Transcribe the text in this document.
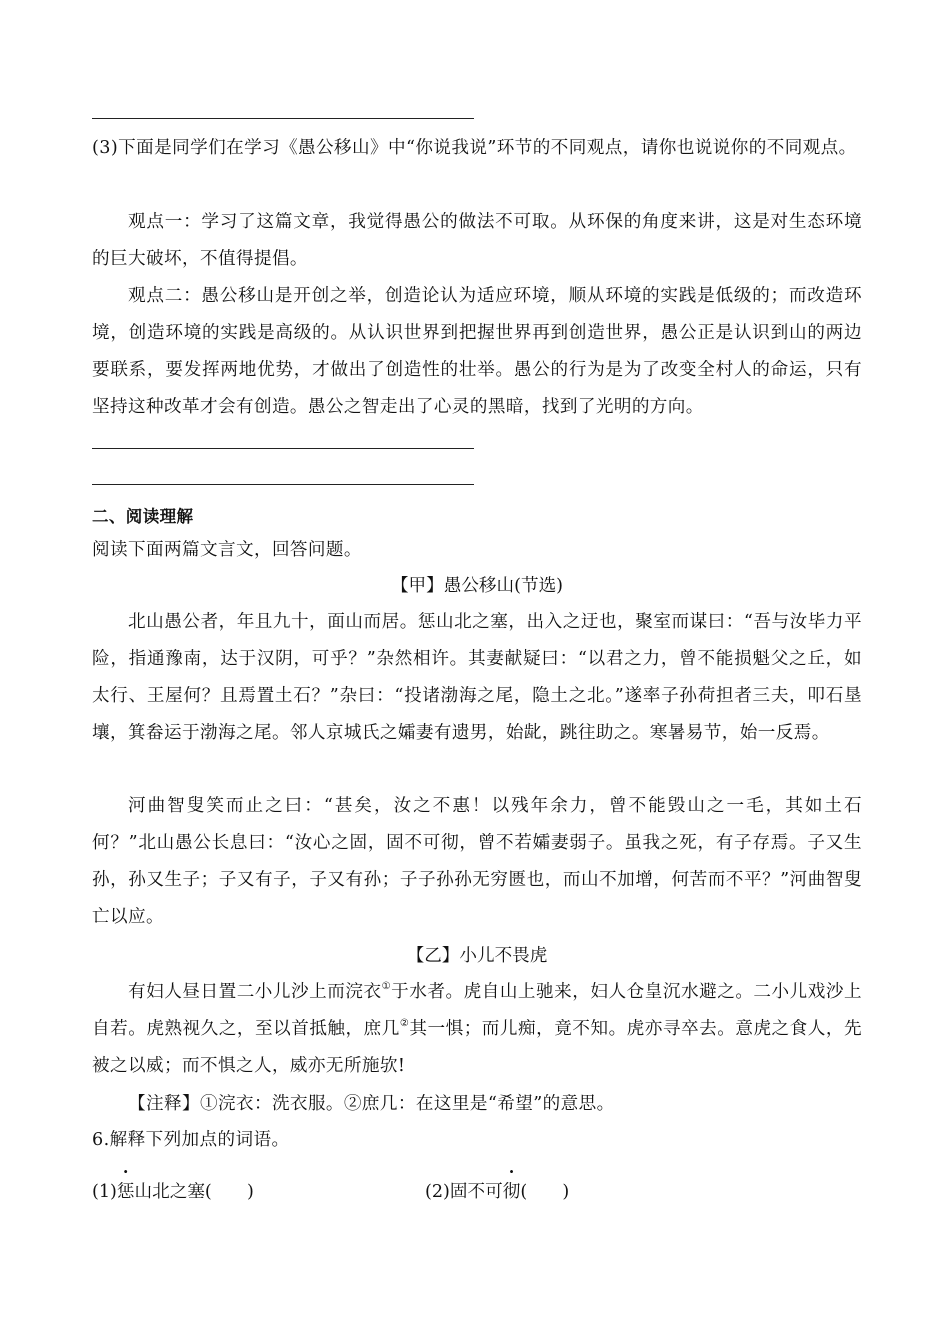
(3)下面是同学们在学习《愚公移山》中“你说我说”环节的不同观点，请你也说说你的不同观点。

观点一：学习了这篇文章，我觉得愚公的做法不可取。从环保的角度来讲，这是对生态环境的巨大破坏，不值得提倡。

观点二：愚公移山是开创之举，创造论认为适应环境，顺从环境的实践是低级的；而改造环境，创造环境的实践是高级的。从认识世界到把握世界再到创造世界，愚公正是认识到山的两边要联系，要发挥两地优势，才做出了创造性的壮举。愚公的行为是为了改变全村人的命运，只有坚持这种改革才会有创造。愚公之智走出了心灵的黑暗，找到了光明的方向。

二、阅读理解

阅读下面两篇文言文，回答问题。

【甲】愚公移山(节选)

北山愚公者，年且九十，面山而居。惩山北之塞，出入之迂也，聚室而谋曰：“吾与汝毕力平险，指通豫南，达于汉阴，可乎？”杂然相许。其妻献疑曰：“以君之力，曾不能损魁父之丘，如太行、王屋何？且焉置土石？”杂曰：“投诸渤海之尾，隐土之北。”遂率子孙荷担者三夫，叩石垦壤，箕畚运于渤海之尾。邻人京城氏之孀妻有遗男，始龀，跳往助之。寒暑易节，始一反焉。

河曲智叟笑而止之曰：“甚矣，汝之不惠！以残年余力，曾不能毁山之一毛，其如土石何？”北山愚公长息曰：“汝心之固，固不可彻，曾不若孀妻弱子。虽我之死，有子存焉。子又生孙，孙又生子；子又有子，子又有孙；子子孙孙无穷匮也，而山不加增，何苦而不平？”河曲智叟亡以应。

【乙】小儿不畏虎

有妇人昼日置二小儿沙上而浣衣①于水者。虎自山上驰来，妇人仓皇沉水避之。二小儿戏沙上自若。虎熟视久之，至以首抵触，庶几②其一惧；而儿痴，竟不知。虎亦寻卒去。意虎之食人，先被之以威；而不惧之人，威亦无所施欤!

【注释】①浣衣：洗衣服。②庶几：在这里是“希望”的意思。

6.解释下列加点的词语。

(1)惩山北之塞(　　)	(2)固不可彻(　　)
